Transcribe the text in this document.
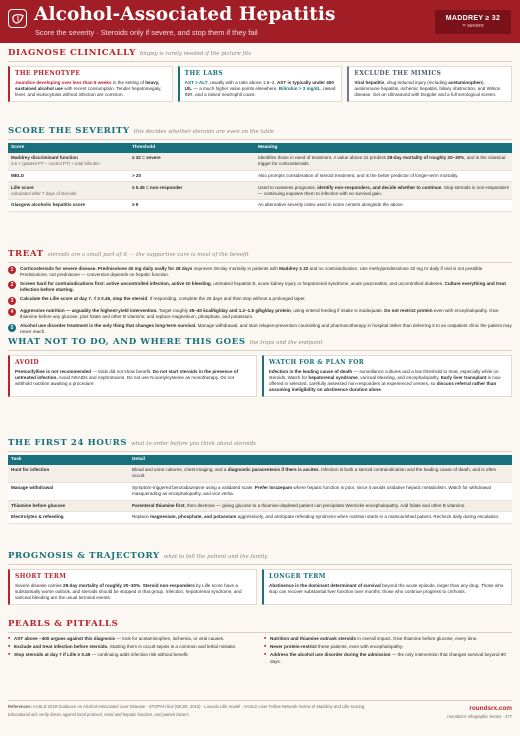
Alcohol-Associated Hepatitis
Score the severity · Steroids only if severe, and stop them if they fail
MADDREY ≥ 32
= severe
DIAGNOSE CLINICALLY biopsy is rarely needed if the picture fits
THE PHENOTYPE
Jaundice developing over less than 8 weeks in the setting of heavy, sustained alcohol use with recent consumption. Tender hepatomegaly, fever, and leukocytosis without infection are common.
THE LABS
AST > ALT, usually with a ratio above 1.5–2. AST is typically under 400 U/L — a much higher value points elsewhere. Bilirubin > 3 mg/dL, raised INR, and a raised neutrophil count.
EXCLUDE THE MIMICS
Viral hepatitis, drug-induced injury (including acetaminophen), autoimmune hepatitis, ischemic hepatitis, biliary obstruction, and Wilson disease. Get an Ultrasound with Doppler and a full serological screen.
SCORE THE SEVERITY this decides whether steroids are even on the table
Score	Threshold	Meaning

Maddrey discriminant function
4.6 × (patient PT − control PT) + total bilirubin	≥ 32 = severe	Identifies those in need of treatment. A value above 32 predicts 28-day mortality of roughly 20–30%, and is the classical trigger for corticosteroids.

MELD	> 20	Also prompts consideration of steroid treatment, and is the better predictor of longer-term mortality.

Lille score
calculated after 7 days of steroids	≥ 0.45 = non-responder	Used to reassess prognosis, identify non-responders, and decide whether to continue. Stop steroids in non-responders — continuing exposes them to infection with no survival gain.

Glasgow alcoholic hepatitis score	≥ 9	An alternative severity index used in some centers alongside the above.
TREAT steroids are a small part of it — the supportive care is most of the benefit
1	Corticosteroids for severe disease. Prednisolone 40 mg daily orally for 28 days improves 28-day mortality in patients with Maddrey ≥ 32 and no contraindication. Use methylprednisolone 32 mg IV daily if oral is not possible. Prednisolone, not prednisone — conversion depends on hepatic function.
2	Screen hard for contraindications first: active uncontrolled infection, active GI bleeding, untreated hepatitis B, acute kidney injury or hepatorenal syndrome, acute pancreatitis, and uncontrolled diabetes. Culture everything and treat infection before starting.
3	Calculate the Lille score at day 7. If ≥ 0.45, stop the steroid. If responding, complete the 28 days and then stop without a prolonged taper.
4	Aggressive nutrition — arguably the highest-yield intervention. Target roughly 35–40 kcal/kg/day and 1.2–1.5 g/kg/day protein, using enteral feeding if intake is inadequate. Do not restrict protein even with encephalopathy. Give thiamine before any glucose, plus folate and other B vitamins; and replace magnesium, phosphate, and potassium.
5	Alcohol use disorder treatment is the only thing that changes long-term survival. Manage withdrawal, and start relapse-prevention counseling and pharmacotherapy in hospital rather than deferring it to an outpatient clinic the patient may never reach.
WHAT NOT TO DO, AND WHERE THIS GOES the traps and the endpoint
AVOID
Pentoxifylline is not recommended — trials did not show benefit. Do not start steroids in the presence of untreated infection. Avoid NSAIDs and nephrotoxins. Do not use N-acetylcysteine as monotherapy. Do not withhold nutrition awaiting a procedure.
WATCH FOR & PLAN FOR
Infection is the leading cause of death — surveillance cultures and a low threshold to treat, especially while on steroids. Watch for hepatorenal syndrome, variceal bleeding, and encephalopathy. Early liver transplant is now offered in selected, carefully assessed non-responders at experienced centers, so discuss referral rather than assuming ineligibility on abstinence duration alone.
THE FIRST 24 HOURS what to order before you think about steroids
Task	Detail
Hunt for infection	Blood and urine cultures, chest imaging, and a diagnostic paracentesis if there is ascites. Infection is both a steroid contraindication and the leading cause of death, and is often occult.
Manage withdrawal	Symptom-triggered benzodiazepine using a validated scale. Prefer lorazepam where hepatic function is poor, since it avoids oxidative hepatic metabolism. Watch for withdrawal masquerading as encephalopathy, and vice versa.
Thiamine before glucose	Parenteral thiamine first, then dextrose — giving glucose to a thiamine-depleted patient can precipitate Wernicke encephalopathy. Add folate and other B vitamins.
Electrolytes & refeeding	Replace magnesium, phosphate, and potassium aggressively, and anticipate refeeding syndrome when nutrition starts in a malnourished patient. Recheck daily during escalation.
PROGNOSIS & TRAJECTORY what to tell the patient and the family
SHORT TERM
Severe disease carries 28-day mortality of roughly 20–30%. Steroid non-responders by Lille score have a substantially worse outlook, and steroids should be stopped in that group. Infection, hepatorenal syndrome, and variceal bleeding are the usual terminal events.
LONGER TERM
Abstinence is the dominant determinant of survival beyond the acute episode, larger than any drug. Those who stop can recover substantial liver function over months; those who continue progress to cirrhosis.
PEARLS & PITFALLS
■ AST above ~400 argues against this diagnosis — look for acetaminophen, ischemia, or viral causes.
■ Exclude and treat infection before steroids. Starting them in occult sepsis is a common and lethal mistake.
■ Stop steroids at day 7 if Lille ≥ 0.45 — continuing adds infection risk without benefit.
■ Nutrition and thiamine outrank steroids in overall impact. Give thiamine before glucose, every time.
■ Never protein-restrict these patients, even with encephalopathy.
■ Address the alcohol use disorder during the admission — the only intervention that changes survival beyond 90 days.
References: AASLD 2019 Guidance on Alcohol-Associated Liver Disease · STOPAH trial (NEJM, 2015) · Louvain Lille model · AASLD Liver Fellow Network review of Maddrey and Lille scoring.
Educational aid; verify doses against local protocol, renal and hepatic function, and patient factors.
roundsrx.com
roundsrx's Infographic Series · 477
